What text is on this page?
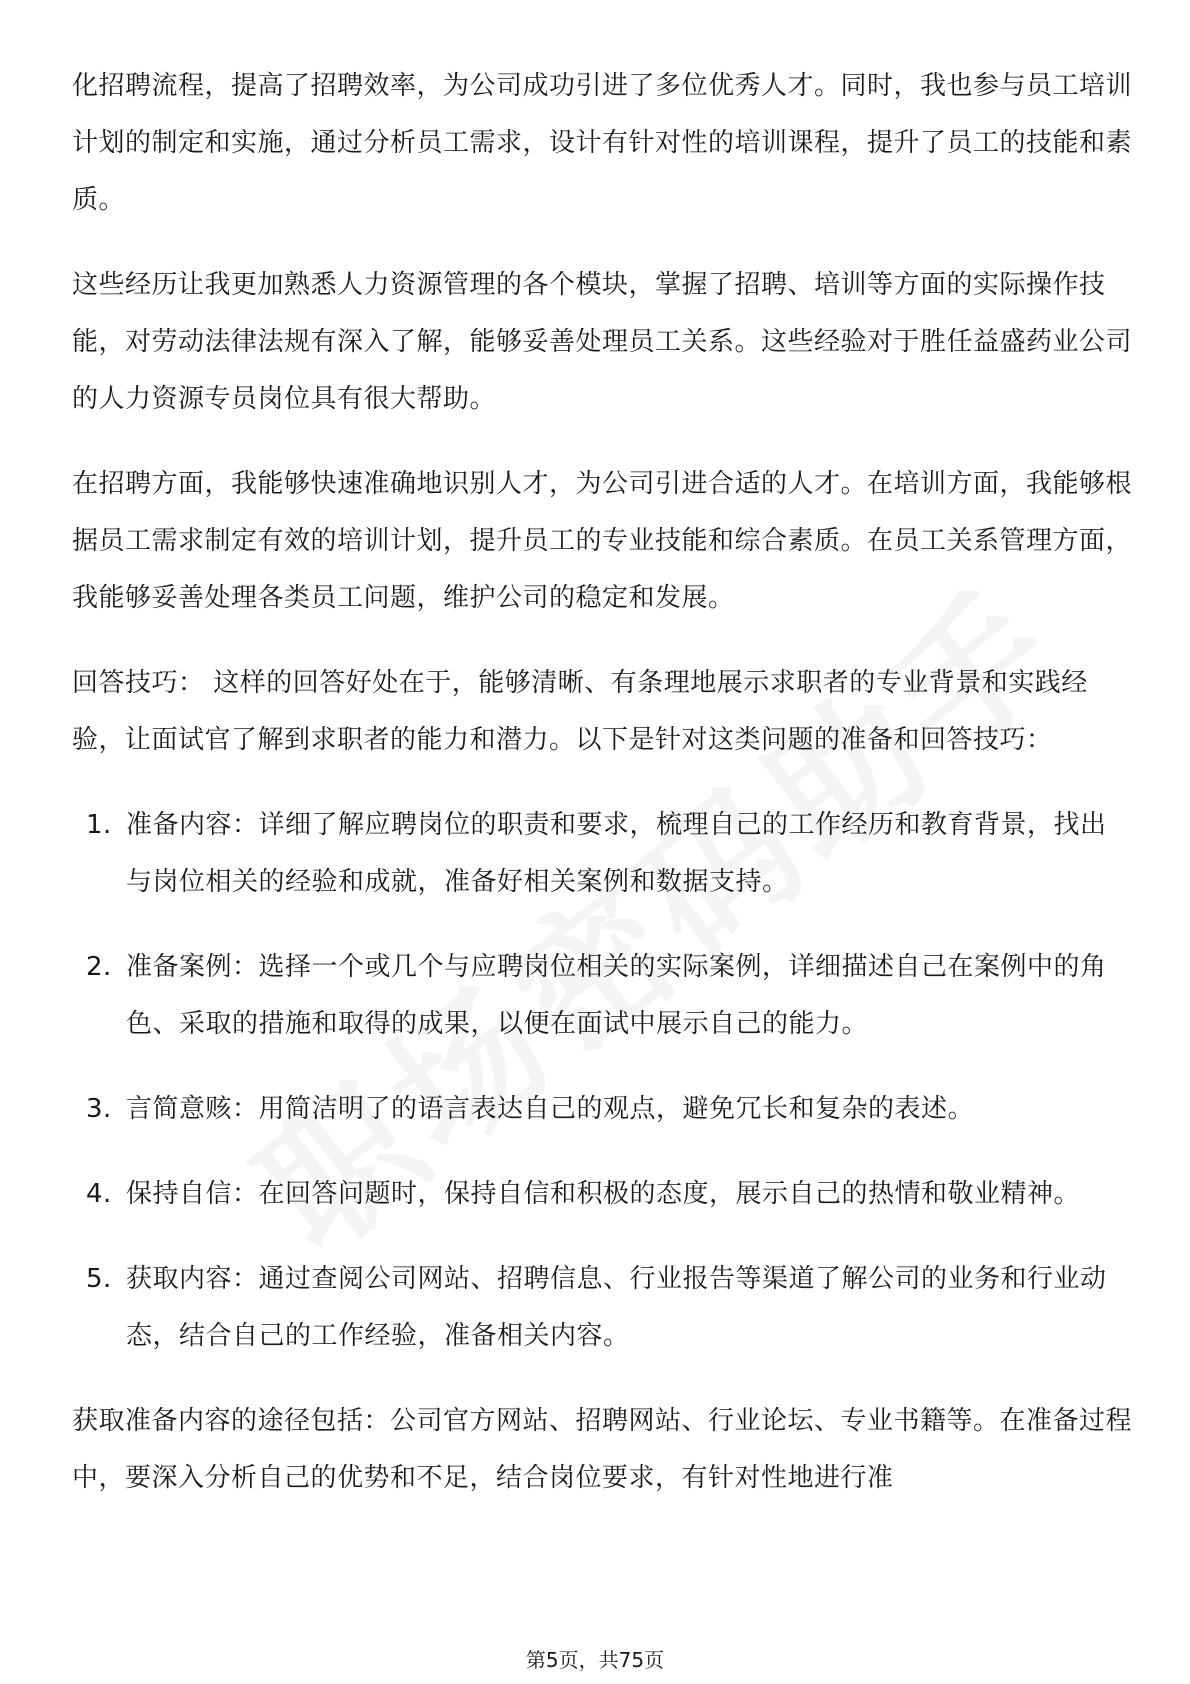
化招聘流程，提高了招聘效率，为公司成功引进了多位优秀人才。同时，我也参与员工培训计划的制定和实施，通过分析员工需求，设计有针对性的培训课程，提升了员工的技能和素质。

这些经历让我更加熟悉人力资源管理的各个模块，掌握了招聘、培训等方面的实际操作技能，对劳动法律法规有深入了解，能够妥善处理员工关系。这些经验对于胜任益盛药业公司的人力资源专员岗位具有很大帮助。

在招聘方面，我能够快速准确地识别人才，为公司引进合适的人才。在培训方面，我能够根据员工需求制定有效的培训计划，提升员工的专业技能和综合素质。在员工关系管理方面，我能够妥善处理各类员工问题，维护公司的稳定和发展。

回答技巧： 这样的回答好处在于，能够清晰、有条理地展示求职者的专业背景和实践经验，让面试官了解到求职者的能力和潜力。以下是针对这类问题的准备和回答技巧：

1. 准备内容：详细了解应聘岗位的职责和要求，梳理自己的工作经历和教育背景，找出与岗位相关的经验和成就，准备好相关案例和数据支持。
2. 准备案例：选择一个或几个与应聘岗位相关的实际案例，详细描述自己在案例中的角色、采取的措施和取得的成果，以便在面试中展示自己的能力。
3. 言简意赅：用简洁明了的语言表达自己的观点，避免冗长和复杂的表述。
4. 保持自信：在回答问题时，保持自信和积极的态度，展示自己的热情和敬业精神。
5. 获取内容：通过查阅公司网站、招聘信息、行业报告等渠道了解公司的业务和行业动态，结合自己的工作经验，准备相关内容。

获取准备内容的途径包括：公司官方网站、招聘网站、行业论坛、专业书籍等。在准备过程中，要深入分析自己的优势和不足，结合岗位要求，有针对性地进行准

第5页，共75页
